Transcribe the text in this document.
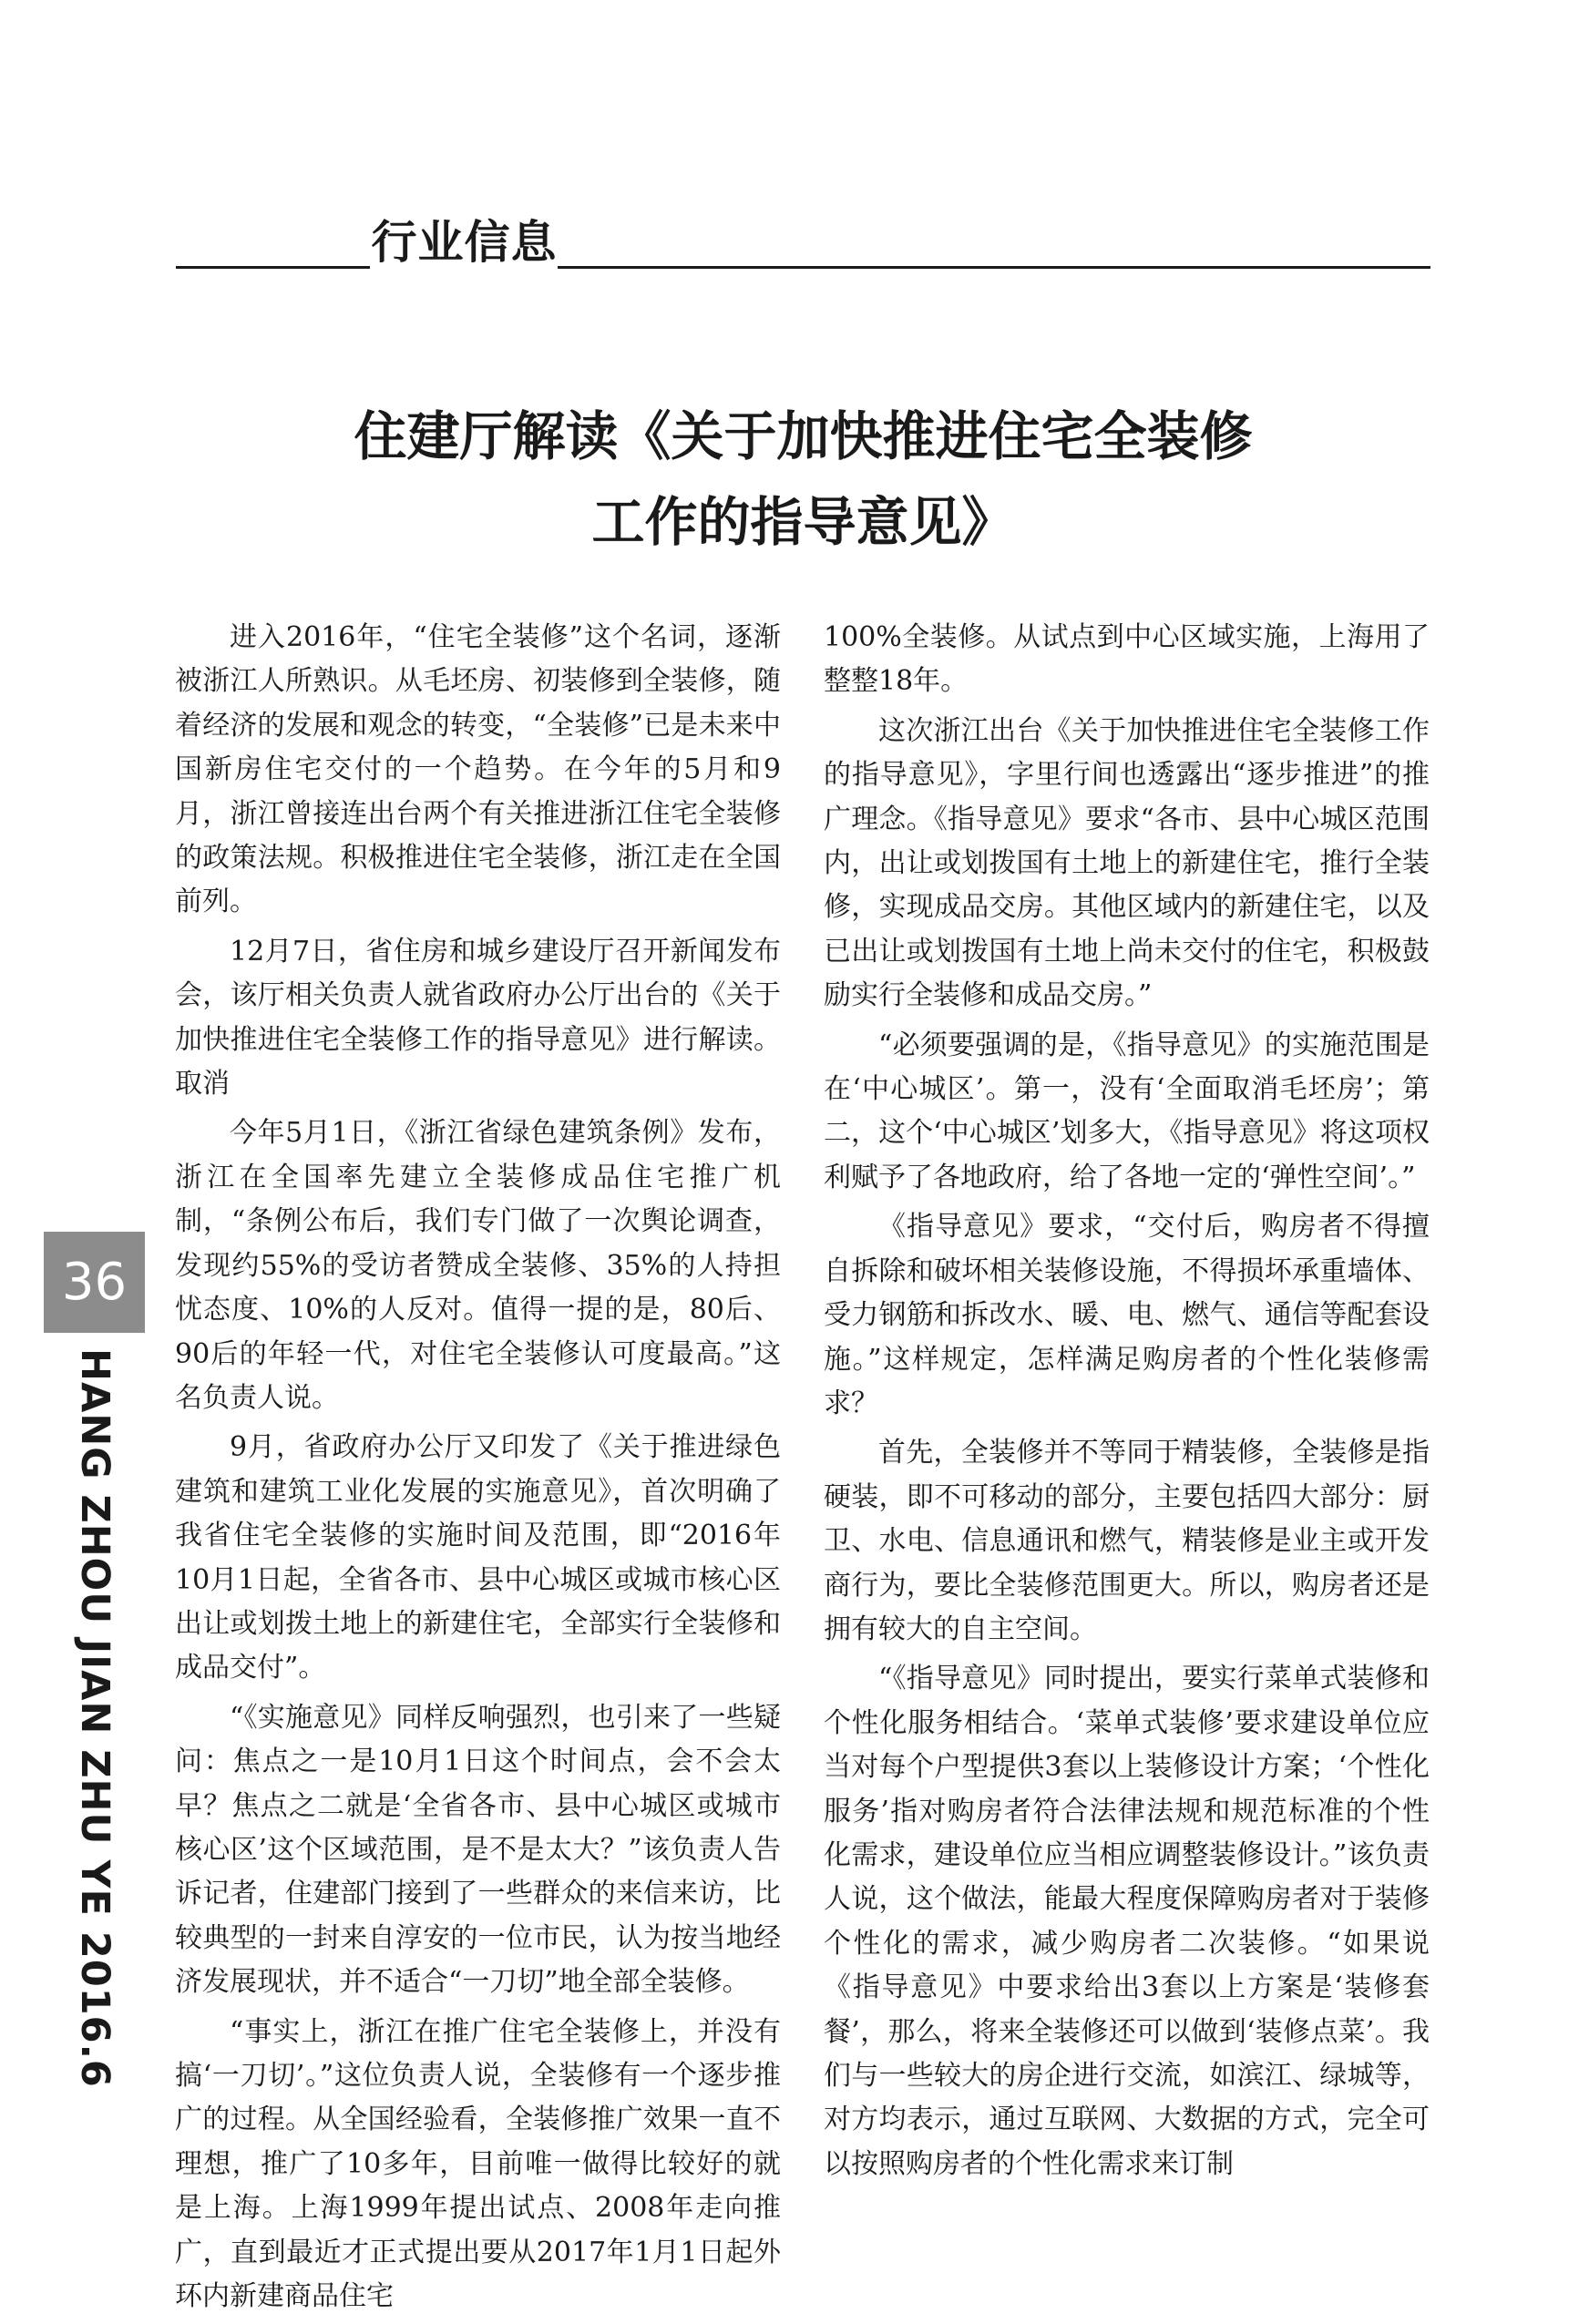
行业信息
住建厅解读《关于加快推进住宅全装修
工作的指导意见》

进入2016年，“住宅全装修”这个名词，逐渐被浙江人所熟识。从毛坯房、初装修到全装修，随着经济的发展和观念的转变，“全装修”已是未来中国新房住宅交付的一个趋势。在今年的5月和9月，浙江曾接连出台两个有关推进浙江住宅全装修的政策法规。积极推进住宅全装修，浙江走在全国前列。

12月7日，省住房和城乡建设厅召开新闻发布会，该厅相关负责人就省政府办公厅出台的《关于加快推进住宅全装修工作的指导意见》进行解读。取消

今年5月1日，《浙江省绿色建筑条例》发布，浙江在全国率先建立全装修成品住宅推广机制，“条例公布后，我们专门做了一次舆论调查，发现约55%的受访者赞成全装修、35%的人持担忧态度、10%的人反对。值得一提的是，80后、90后的年轻一代，对住宅全装修认可度最高。”这名负责人说。

9月，省政府办公厅又印发了《关于推进绿色建筑和建筑工业化发展的实施意见》，首次明确了我省住宅全装修的实施时间及范围，即“2016年10月1日起，全省各市、县中心城区或城市核心区出让或划拨土地上的新建住宅，全部实行全装修和成品交付”。

“《实施意见》同样反响强烈，也引来了一些疑问：焦点之一是10月1日这个时间点，会不会太早？焦点之二就是‘全省各市、县中心城区或城市核心区’这个区域范围，是不是太大？”该负责人告诉记者，住建部门接到了一些群众的来信来访，比较典型的一封来自淳安的一位市民，认为按当地经济发展现状，并不适合“一刀切”地全部全装修。

“事实上，浙江在推广住宅全装修上，并没有搞‘一刀切’。”这位负责人说，全装修有一个逐步推广的过程。从全国经验看，全装修推广效果一直不理想，推广了10多年，目前唯一做得比较好的就是上海。上海1999年提出试点、2008年走向推广，直到最近才正式提出要从2017年1月1日起外环内新建商品住宅

100%全装修。从试点到中心区域实施，上海用了整整18年。

这次浙江出台《关于加快推进住宅全装修工作的指导意见》，字里行间也透露出“逐步推进”的推广理念。《指导意见》要求“各市、县中心城区范围内，出让或划拨国有土地上的新建住宅，推行全装修，实现成品交房。其他区域内的新建住宅，以及已出让或划拨国有土地上尚未交付的住宅，积极鼓励实行全装修和成品交房。”

“必须要强调的是，《指导意见》的实施范围是在‘中心城区’。第一，没有‘全面取消毛坯房’；第二，这个‘中心城区’划多大，《指导意见》将这项权利赋予了各地政府，给了各地一定的‘弹性空间’。”

《指导意见》要求，“交付后，购房者不得擅自拆除和破坏相关装修设施，不得损坏承重墙体、受力钢筋和拆改水、暖、电、燃气、通信等配套设施。”这样规定，怎样满足购房者的个性化装修需求？

首先，全装修并不等同于精装修，全装修是指硬装，即不可移动的部分，主要包括四大部分：厨卫、水电、信息通讯和燃气，精装修是业主或开发商行为，要比全装修范围更大。所以，购房者还是拥有较大的自主空间。

“《指导意见》同时提出，要实行菜单式装修和个性化服务相结合。‘菜单式装修’要求建设单位应当对每个户型提供3套以上装修设计方案；‘个性化服务’指对购房者符合法律法规和规范标准的个性化需求，建设单位应当相应调整装修设计。”该负责人说，这个做法，能最大程度保障购房者对于装修个性化的需求，减少购房者二次装修。“如果说《指导意见》中要求给出3套以上方案是‘装修套餐’，那么，将来全装修还可以做到‘装修点菜’。我们与一些较大的房企进行交流，如滨江、绿城等，对方均表示，通过互联网、大数据的方式，完全可以按照购房者的个性化需求来订制

36
HANG ZHOU JIAN ZHU YE 2016.6
